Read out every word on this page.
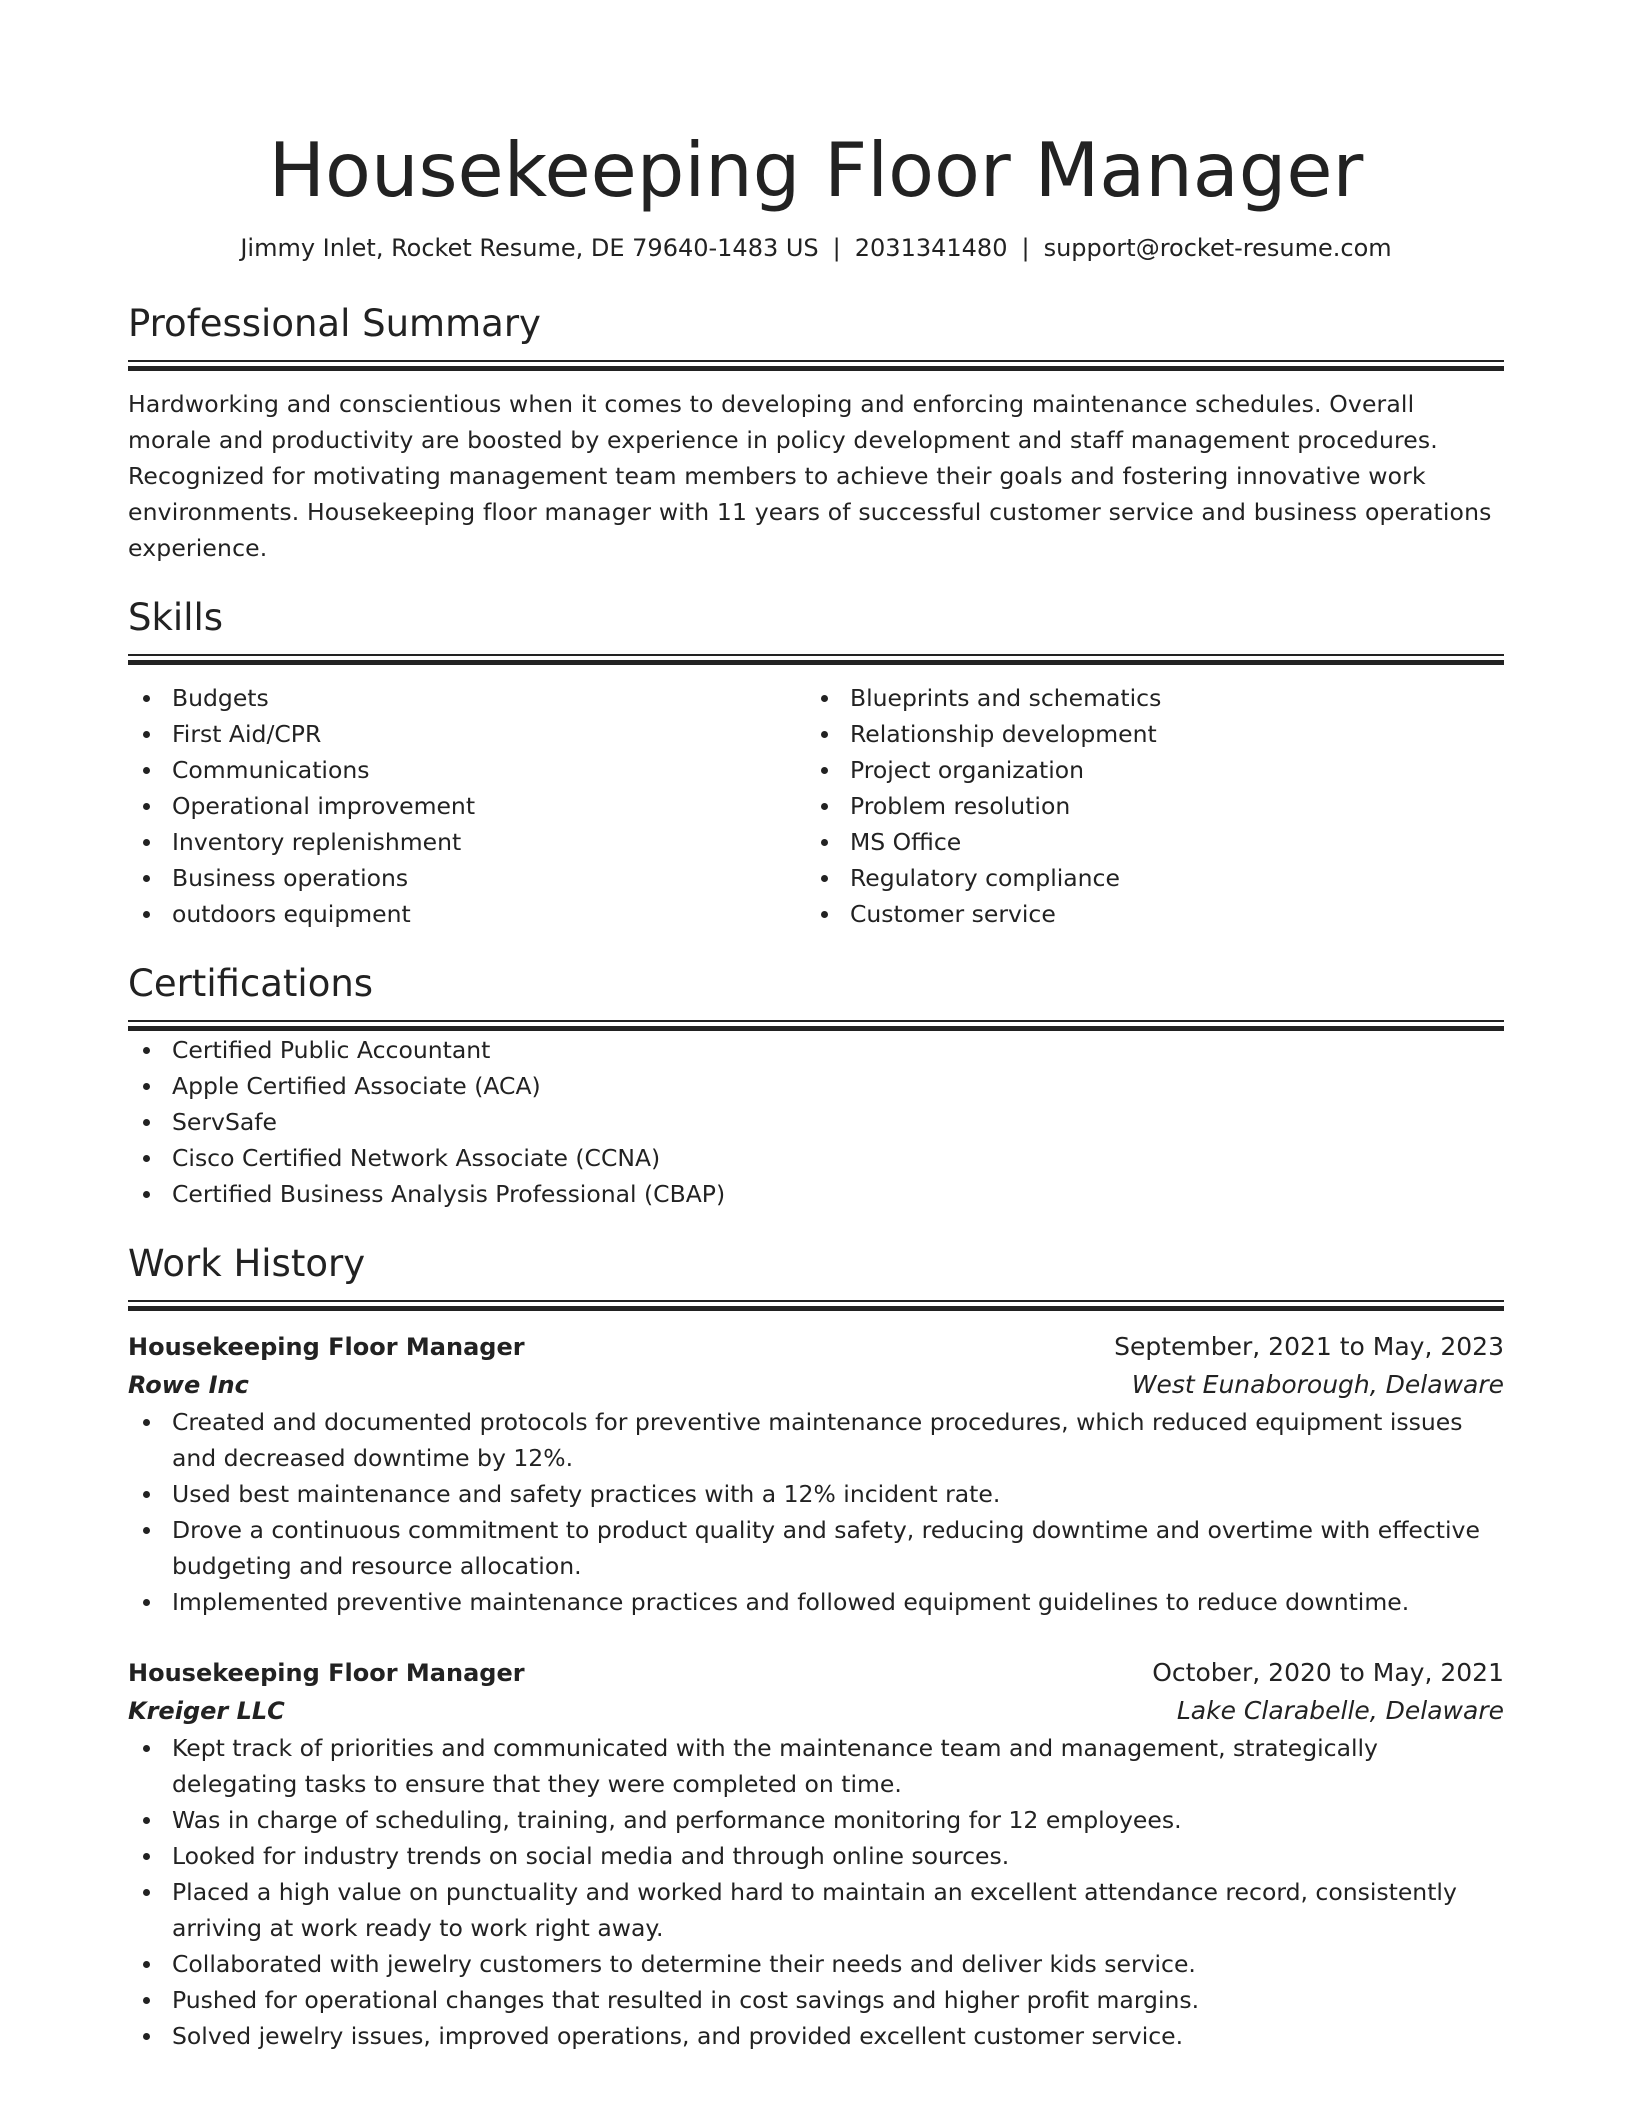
Housekeeping Floor Manager
Jimmy Inlet, Rocket Resume, DE 79640-1483 US | 2031341480 | support@rocket-resume.com
Professional Summary

Hardworking and conscientious when it comes to developing and enforcing maintenance schedules. Overall morale and productivity are boosted by experience in policy development and staff management procedures. Recognized for motivating management team members to achieve their goals and fostering innovative work environments. Housekeeping floor manager with 11 years of successful customer service and business operations experience.

Skills
Budgets
First Aid/CPR
Communications
Operational improvement
Inventory replenishment
Business operations
outdoors equipment
Blueprints and schematics
Relationship development
Project organization
Problem resolution
MS Office
Regulatory compliance
Customer service
Certifications
Certified Public Accountant
Apple Certified Associate (ACA)
ServSafe
Cisco Certified Network Associate (CCNA)
Certified Business Analysis Professional (CBAP)
Work History
Housekeeping Floor Manager	September, 2021 to May, 2023
Rowe Inc	West Eunaborough, Delaware
Created and documented protocols for preventive maintenance procedures, which reduced equipment issues and decreased downtime by 12%.
Used best maintenance and safety practices with a 12% incident rate.
Drove a continuous commitment to product quality and safety, reducing downtime and overtime with effective budgeting and resource allocation.
Implemented preventive maintenance practices and followed equipment guidelines to reduce downtime.
Housekeeping Floor Manager	October, 2020 to May, 2021
Kreiger LLC	Lake Clarabelle, Delaware
Kept track of priorities and communicated with the maintenance team and management, strategically delegating tasks to ensure that they were completed on time.
Was in charge of scheduling, training, and performance monitoring for 12 employees.
Looked for industry trends on social media and through online sources.
Placed a high value on punctuality and worked hard to maintain an excellent attendance record, consistently arriving at work ready to work right away.
Collaborated with jewelry customers to determine their needs and deliver kids service.
Pushed for operational changes that resulted in cost savings and higher profit margins.
Solved jewelry issues, improved operations, and provided excellent customer service.
